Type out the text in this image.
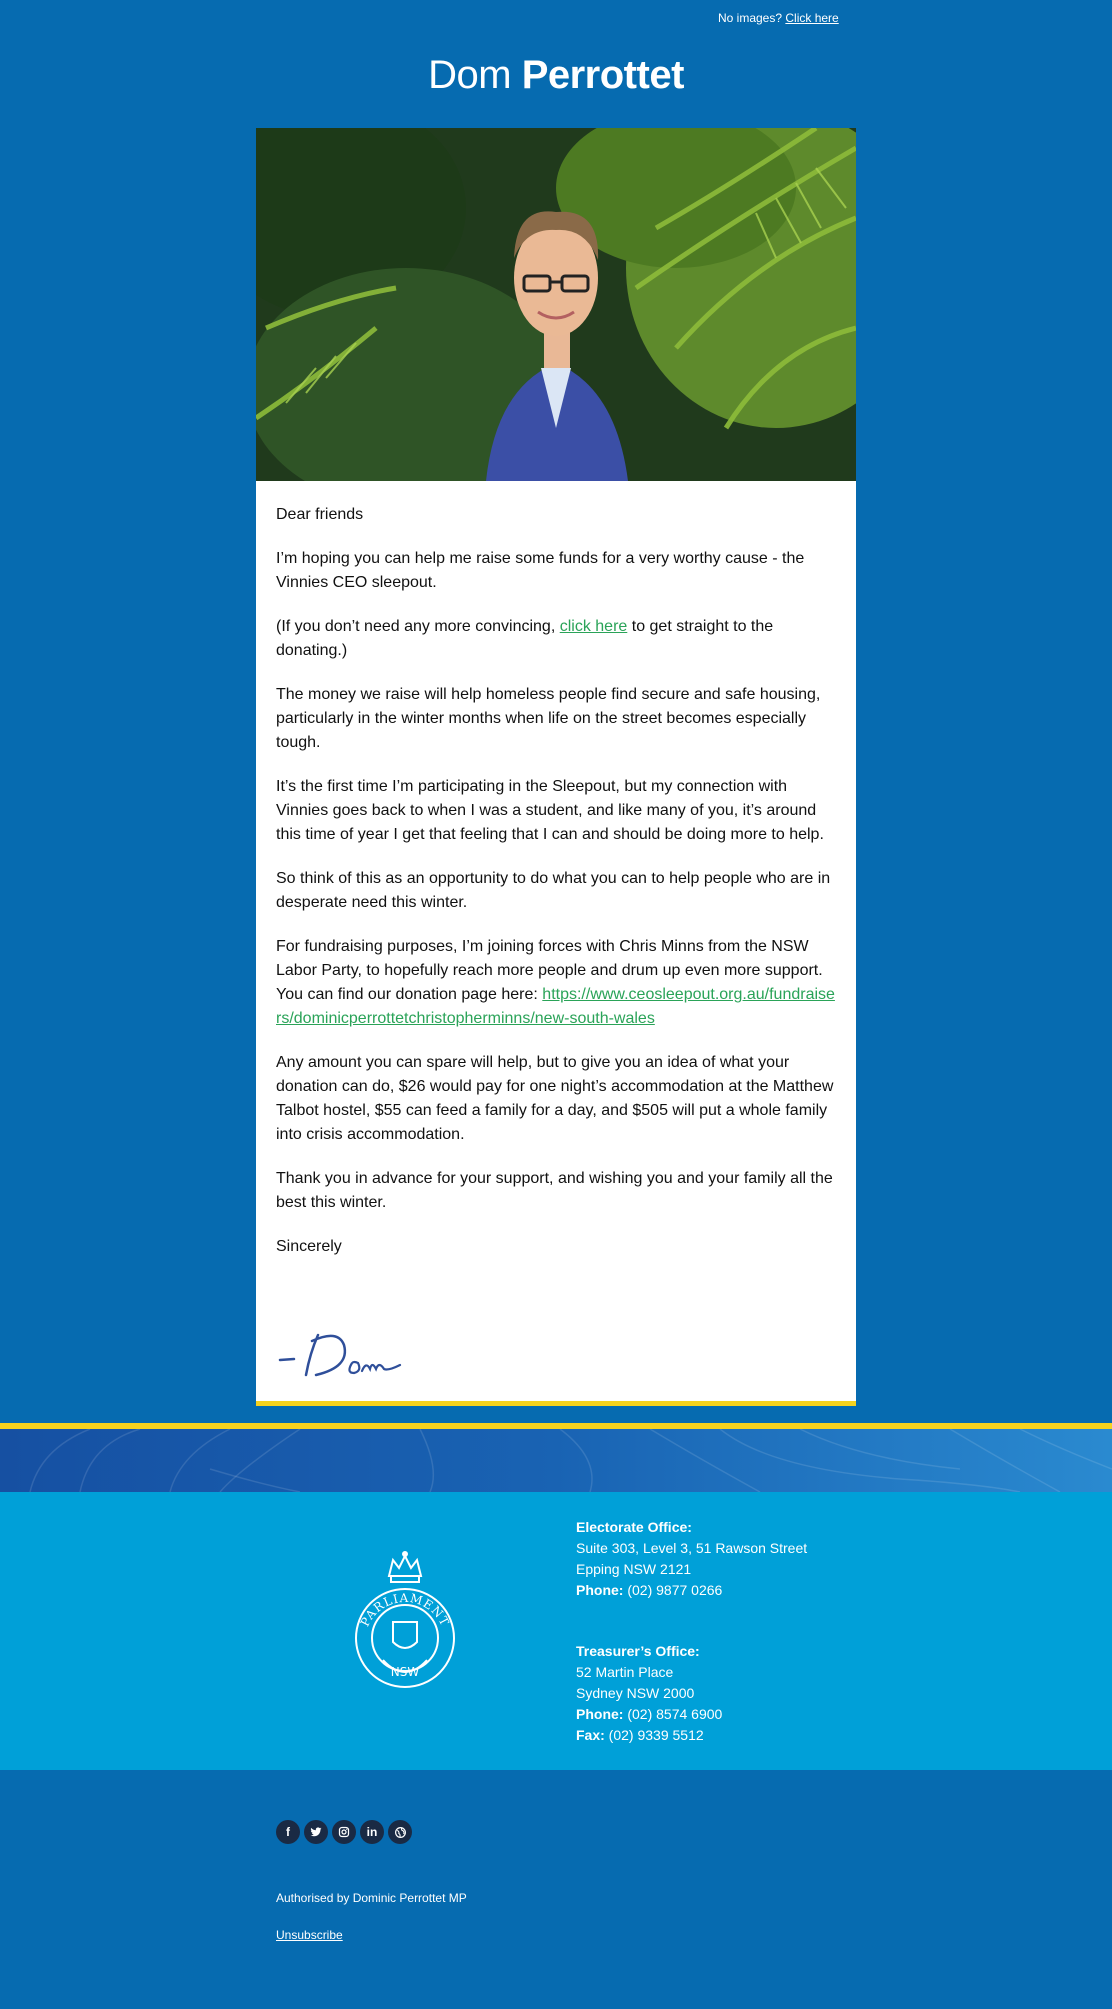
No images? Click here
Dom Perrottet

Dear friends

I’m hoping you can help me raise some funds for a very worthy cause - the Vinnies CEO sleepout.

(If you don’t need any more convincing, click here to get straight to the donating.)

The money we raise will help homeless people find secure and safe housing, particularly in the winter months when life on the street becomes especially tough.

It’s the first time I’m participating in the Sleepout, but my connection with Vinnies goes back to when I was a student, and like many of you, it’s around this time of year I get that feeling that I can and should be doing more to help.

So think of this as an opportunity to do what you can to help people who are in desperate need this winter.

For fundraising purposes, I’m joining forces with Chris Minns from the NSW Labor Party, to hopefully reach more people and drum up even more support. You can find our donation page here: https://www.ceosleepout.org.au/fundraisers/dominicperrottetchristopherminns/new-south-wales

Any amount you can spare will help, but to give you an idea of what your donation can do, $26 would pay for one night’s accommodation at the Matthew Talbot hostel, $55 can feed a family for a day, and $505 will put a whole family into crisis accommodation.

Thank you in advance for your support, and wishing you and your family all the best this winter.

Sincerely

PARLIAMENT
NSW
Electorate Office:
Suite 303, Level 3, 51 Rawson Street
Epping NSW 2121
Phone: (02) 9877 0266
Treasurer’s Office:
52 Martin Place
Sydney NSW 2000
Phone: (02) 8574 6900
Fax: (02) 9339 5512
f	in
Authorised by Dominic Perrottet MP
Unsubscribe
